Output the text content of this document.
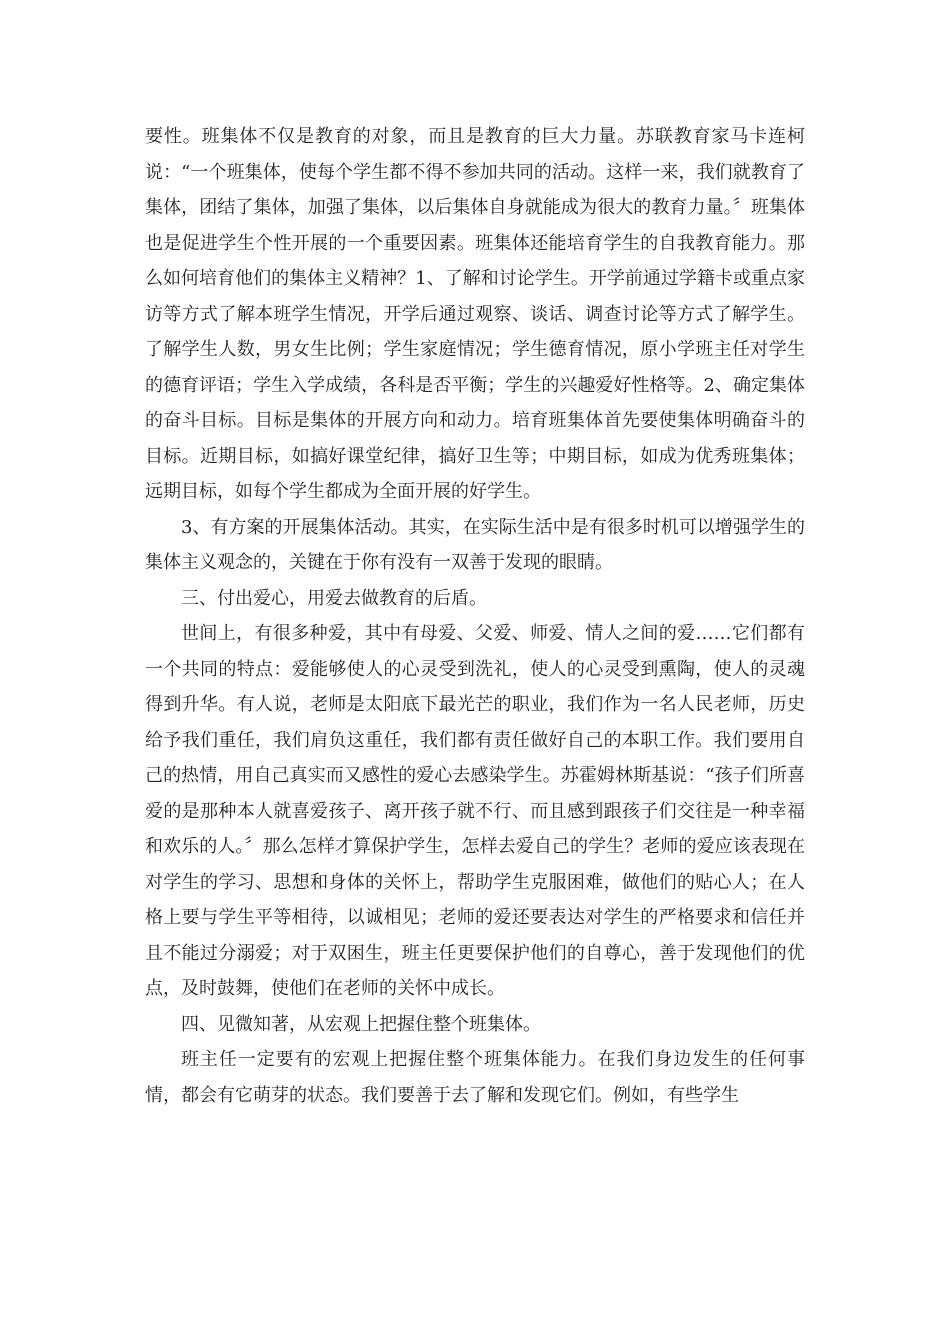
要性。班集体不仅是教育的对象，而且是教育的巨大力量。苏联教育家马卡连柯说：“一个班集体，使每个学生都不得不参加共同的活动。这样一来，我们就教育了集体，团结了集体，加强了集体，以后集体自身就能成为很大的教育力量。〞班集体也是促进学生个性开展的一个重要因素。班集体还能培育学生的自我教育能力。那么如何培育他们的集体主义精神？1、了解和讨论学生。开学前通过学籍卡或重点家访等方式了解本班学生情况，开学后通过观察、谈话、调查讨论等方式了解学生。了解学生人数，男女生比例；学生家庭情况；学生德育情况，原小学班主任对学生的德育评语；学生入学成绩，各科是否平衡；学生的兴趣爱好性格等。2、确定集体的奋斗目标。目标是集体的开展方向和动力。培育班集体首先要使集体明确奋斗的目标。近期目标，如搞好课堂纪律，搞好卫生等；中期目标，如成为优秀班集体；远期目标，如每个学生都成为全面开展的好学生。

3、有方案的开展集体活动。其实，在实际生活中是有很多时机可以增强学生的集体主义观念的，关键在于你有没有一双善于发现的眼睛。

三、付出爱心，用爱去做教育的后盾。

世间上，有很多种爱，其中有母爱、父爱、师爱、情人之间的爱……它们都有一个共同的特点：爱能够使人的心灵受到洗礼，使人的心灵受到熏陶，使人的灵魂得到升华。有人说，老师是太阳底下最光芒的职业，我们作为一名人民老师，历史给予我们重任，我们肩负这重任，我们都有责任做好自己的本职工作。我们要用自己的热情，用自己真实而又感性的爱心去感染学生。苏霍姆林斯基说：“孩子们所喜爱的是那种本人就喜爱孩子、离开孩子就不行、而且感到跟孩子们交往是一种幸福和欢乐的人。〞那么怎样才算保护学生，怎样去爱自己的学生？老师的爱应该表现在对学生的学习、思想和身体的关怀上，帮助学生克服困难，做他们的贴心人；在人格上要与学生平等相待，以诚相见；老师的爱还要表达对学生的严格要求和信任并且不能过分溺爱；对于双困生，班主任更要保护他们的自尊心，善于发现他们的优点，及时鼓舞，使他们在老师的关怀中成长。

四、见微知著，从宏观上把握住整个班集体。

班主任一定要有的宏观上把握住整个班集体能力。在我们身边发生的任何事情，都会有它萌芽的状态。我们要善于去了解和发现它们。例如，有些学生
